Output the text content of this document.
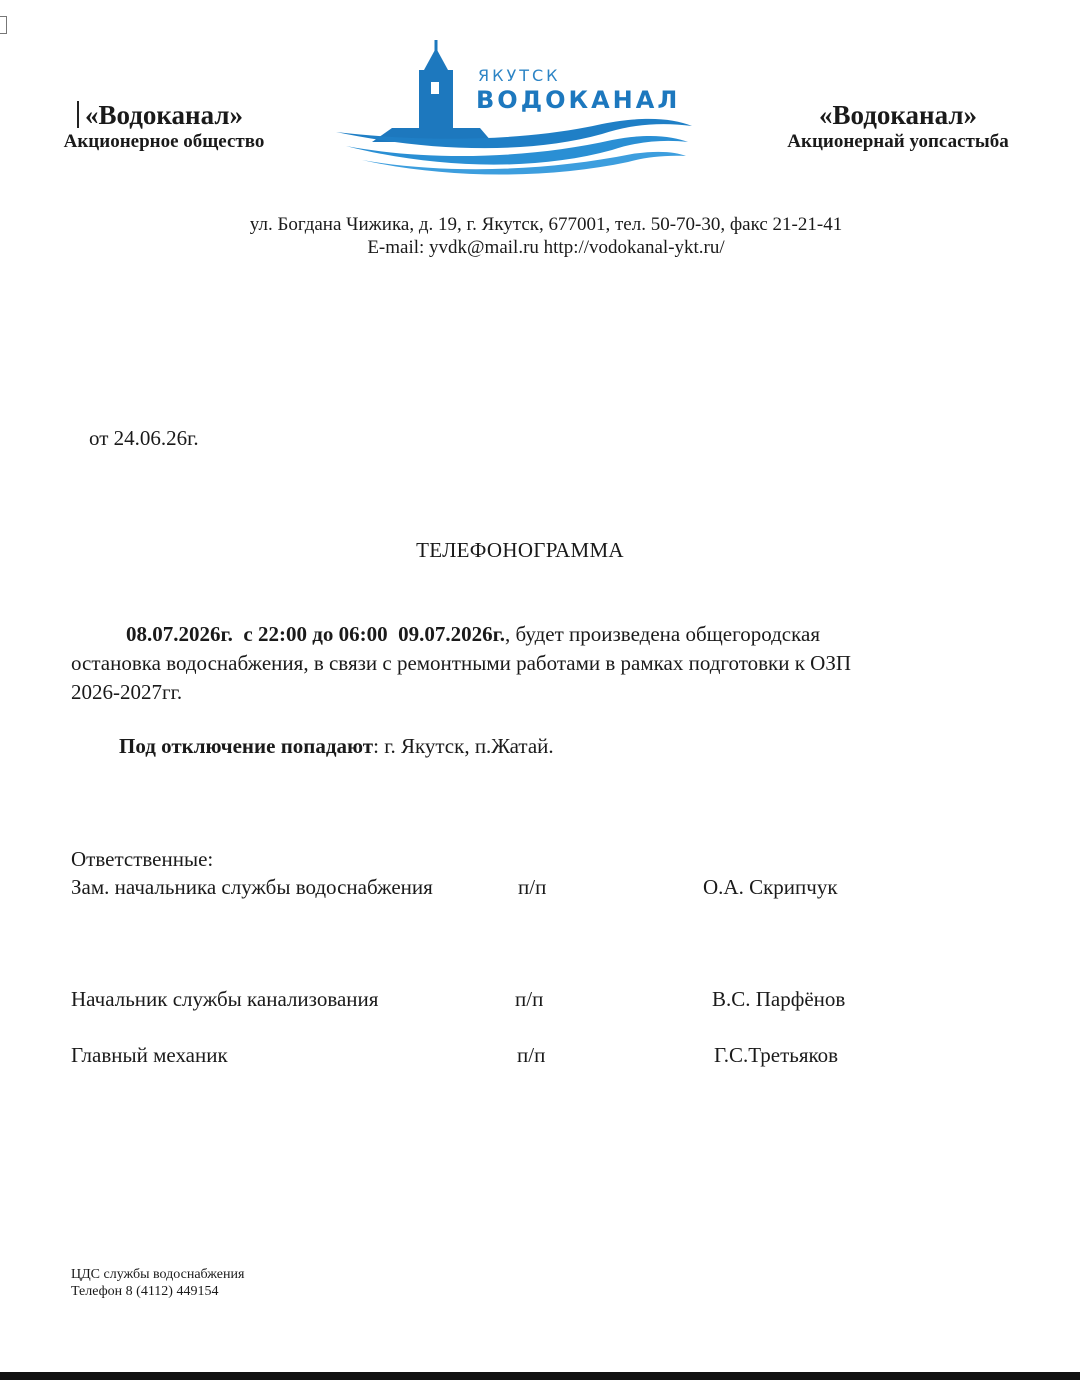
«Водоканал»
Акционерное общество
ЯКУТСК
ВОДОКАНАЛ	«Водоканал»
Акционернай уопсастыба
ул. Богдана Чижика, д. 19, г. Якутск, 677001, тел. 50-70-30, факс 21-21-41
E-mail: yvdk@mail.ru http://vodokanal-ykt.ru/
от 24.06.26г.
ТЕЛЕФОНОГРАММА
08.07.2026г. с 22:00 до 06:00 09.07.2026г., будет произведена общегородская
остановка водоснабжения, в связи с ремонтными работами в рамках подготовки к ОЗП
2026-2027гг.
Под отключение попадают: г. Якутск, п.Жатай.
Ответственные:
Зам. начальника службы водоснабжения	п/п	О.А. Скрипчук
Начальник службы канализования	п/п	В.С. Парфёнов
Главный механик	п/п	Г.С.Третьяков
ЦДС службы водоснабжения
Телефон 8 (4112) 449154
